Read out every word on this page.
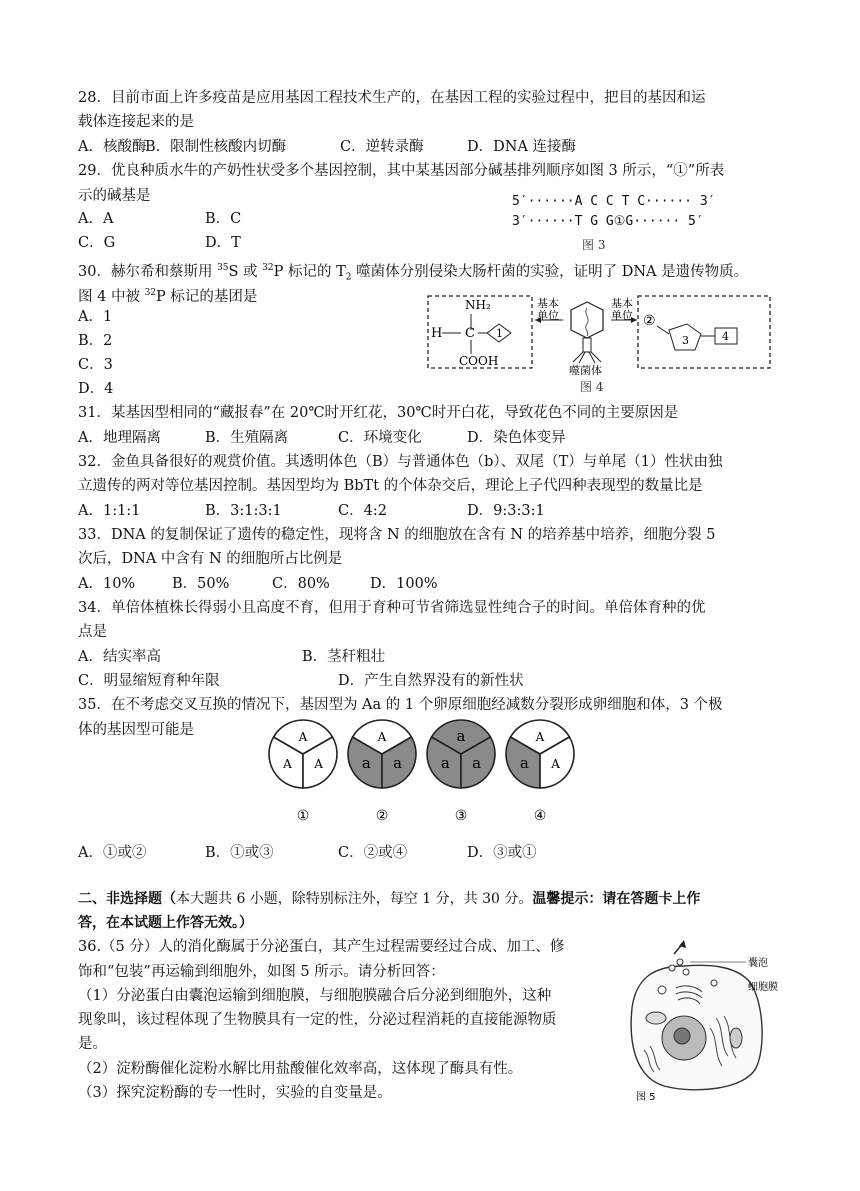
28．目前市面上许多疫苗是应用基因工程技术生产的，在基因工程的实验过程中，把目的基因和运
载体连接起来的是
A．核酸酶
B．限制性核酸内切酶	C．逆转录酶	D．DNA 连接酶
29．优良种质水牛的产奶性状受多个基因控制，其中某基因部分碱基排列顺序如图 3 所示，“①”所表
示的碱基是
A．A	B．C
C．G	D．T
5′······A C C T C······ 3′
3′······T G G①G······ 5′
图 3
30．赫尔希和蔡斯用 $^{35}$S 或 $^{32}$P 标记的 $T_2$ 噬菌体分别侵染大肠杆菌的实验，证明了 DNA 是遗传物质。
图 4 中被 $^{32}$P 标记的基团是
A．1
B．2
C．3
D．4
NH₂
H C 1
COOH
基本
单位
基本
单位
噬菌体
②
3	4
图 4
31．某基因型相同的“藏报春”在 20℃时开红花，30℃时开白花，导致花色不同的主要原因是
A．地理隔离	B．生殖隔离	C．环境变化	D．染色体变异
32．金鱼具备很好的观赏价值。其透明体色（B）与普通体色（b）、双尾（T）与单尾（1）性状由独
立遗传的两对等位基因控制。基因型均为 BbTt 的个体杂交后，理论上子代四种表现型的数量比是
A．1:1:1	B．3:1:3:1	C．4:2	D．9:3:3:1
33．DNA 的复制保证了遗传的稳定性，现将含 N 的细胞放在含有 N 的培养基中培养，细胞分裂 5
次后，DNA 中含有 N 的细胞所占比例是
A．10%	B．50%	C．80%	D．100%
34．单倍体植株长得弱小且高度不育，但用于育种可节省筛选显性纯合子的时间。单倍体育种的优
点是
A．结实率高	B．茎秆粗壮
C．明显缩短育种年限	D．产生自然界没有的新性状
35．在不考虑交叉互换的情况下，基因型为 Aa 的 1 个卵原细胞经减数分裂形成卵细胞和体，3 个极
体的基因型可能是
A
A
A
①
a
A
a
②
a
a
a
③
a
A
A
④
A．①或②	B．①或③	C．②或④	D．③或①
二、非选择题（本大题共 6 小题，除特别标注外，每空 1 分，共 30 分。温馨提示：请在答题卡上作
答，在本试题上作答无效。）
36.（5 分）人的消化酶属于分泌蛋白，其产生过程需要经过合成、加工、修
饰和“包装”再运输到细胞外，如图 5 所示。请分析回答：
（1）分泌蛋白由囊泡运输到细胞膜，与细胞膜融合后分泌到细胞外，这种
现象叫，该过程体现了生物膜具有一定的性，分泌过程消耗的直接能源物质
是。
（2）淀粉酶催化淀粉水解比用盐酸催化效率高，这体现了酶具有性。
（3）探究淀粉酶的专一性时，实验的自变量是。
囊泡
细胞膜
图 5
